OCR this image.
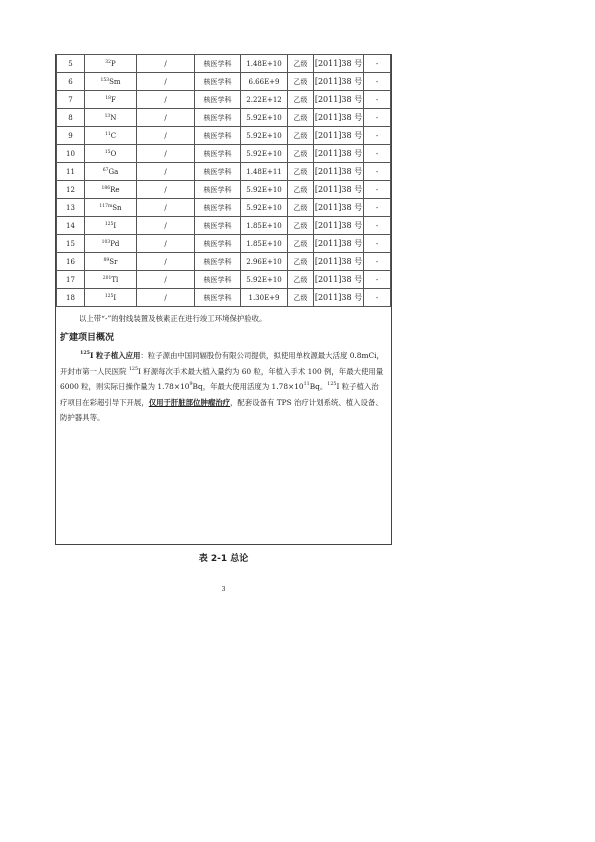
5	$^{32}$P	/	核医学科	1.48E+10	乙级	[2011]38 号	-
6	$^{153}$Sm	/	核医学科	6.66E+9	乙级	[2011]38 号	-
7	$^{18}$F	/	核医学科	2.22E+12	乙级	[2011]38 号	-
8	$^{13}$N	/	核医学科	5.92E+10	乙级	[2011]38 号	-
9	$^{11}$C	/	核医学科	5.92E+10	乙级	[2011]38 号	-
10	$^{15}$O	/	核医学科	5.92E+10	乙级	[2011]38 号	-
11	$^{67}$Ga	/	核医学科	1.48E+11	乙级	[2011]38 号	-
12	$^{186}$Re	/	核医学科	5.92E+10	乙级	[2011]38 号	-
13	$^{117m}$Sn	/	核医学科	5.92E+10	乙级	[2011]38 号	-
14	$^{125}$I	/	核医学科	1.85E+10	乙级	[2011]38 号	-
15	$^{103}$Pd	/	核医学科	1.85E+10	乙级	[2011]38 号	-
16	$^{89}$Sr	/	核医学科	2.96E+10	乙级	[2011]38 号	-
17	$^{201}$Tl	/	核医学科	5.92E+10	乙级	[2011]38 号	-
18	$^{125}$I	/	核医学科	1.30E+9	乙级	[2011]38 号	-
以上带“-”的射线装置及核素正在进行竣工环境保护验收。
扩建项目概况

$^{125}$I 粒子植入应用：粒子源由中国同辐股份有限公司提供，拟使用单枚源最大活度 0.8mCi，开封市第一人民医院 $^{125}$I 籽源每次手术最大植入量约为 60 粒，年植入手术 100 例，年最大使用量 6000 粒，则实际日操作量为 $1.78\times 10^9Bq$，年最大使用活度为 $1.78\times 10^{11}Bq$。$^{125}$I 粒子植入治疗项目在彩超引导下开展，仅用于肝脏部位肿瘤治疗，配套设备有 TPS 治疗计划系统、植入设备、防护器具等。

表 2-1 总论
3
